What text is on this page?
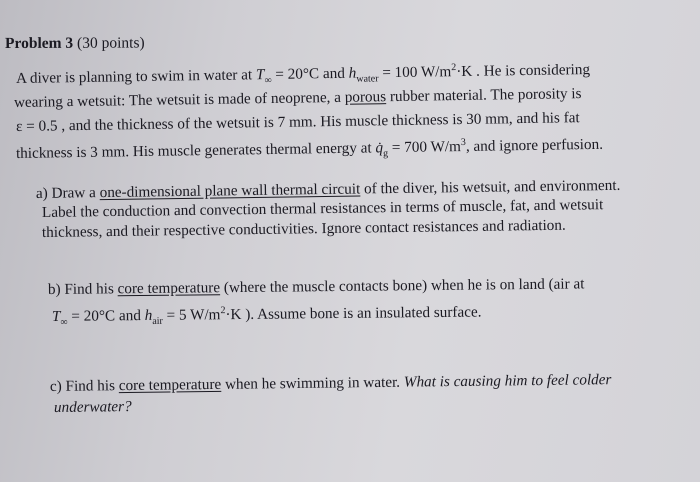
Problem 3 (30 points)
A diver is planning to swim in water at $T_\infty = 20^\circ C$ and $h_{water} = 100$ $W/m^2\cdot K$ . He is considering
wearing a wetsuit: The wetsuit is made of neoprene, a porous rubber material. The porosity is
ε = 0.5 , and the thickness of the wetsuit is 7 mm. His muscle thickness is 30 mm, and his fat
thickness is 3 mm. His muscle generates thermal energy at $q̇_g = 700$ $W/m^3$, and ignore perfusion.
a) Draw a one-dimensional plane wall thermal circuit of the diver, his wetsuit, and environment.
Label the conduction and convection thermal resistances in terms of muscle, fat, and wetsuit
thickness, and their respective conductivities. Ignore contact resistances and radiation.
b) Find his core temperature (where the muscle contacts bone) when he is on land (air at
$T_\infty = 20^\circ C$ and $h_{air} = 5$ $W/m^2\cdot K$ ). Assume bone is an insulated surface.
c) Find his core temperature when he swimming in water. What is causing him to feel colder
underwater?
